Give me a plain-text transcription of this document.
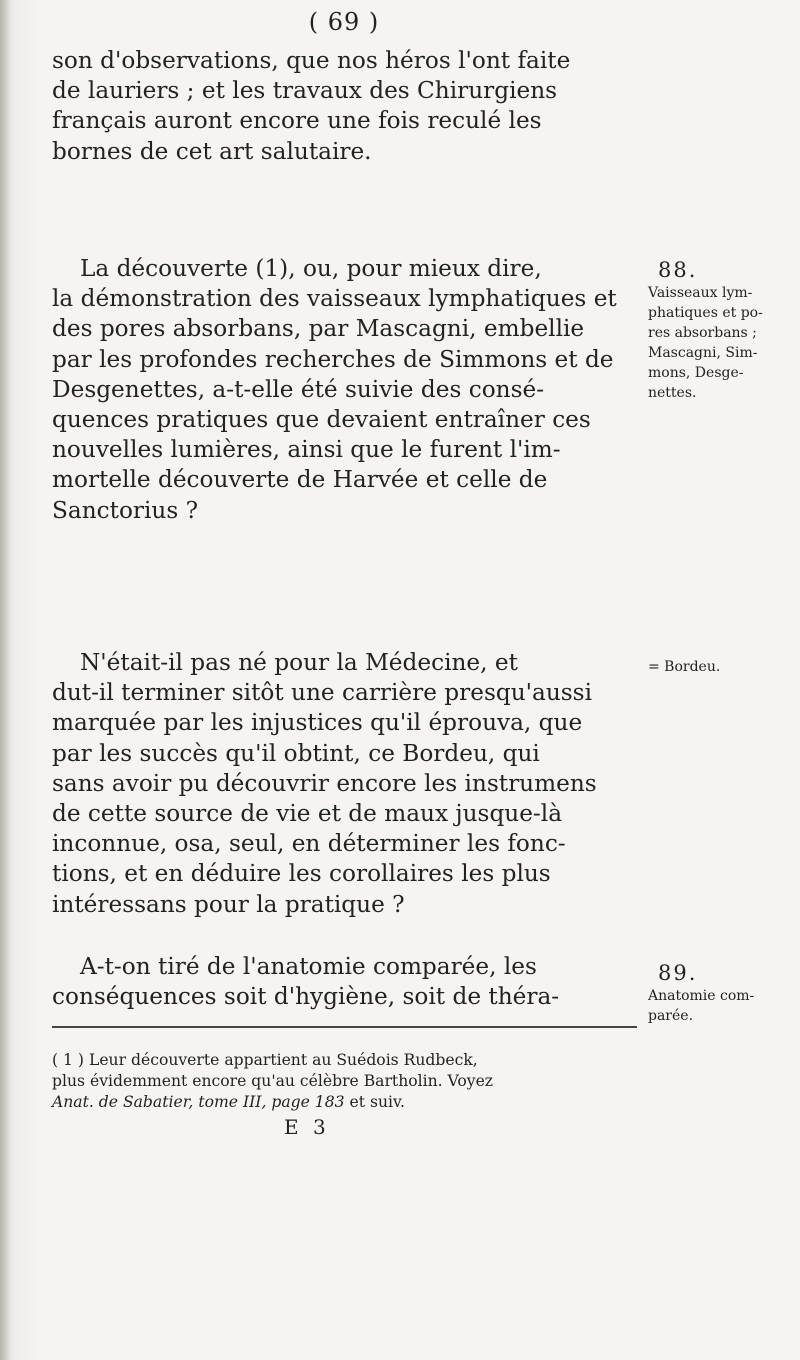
( 69 )

son d'observations, que nos héros l'ont faite
de lauriers ; et les travaux des Chirurgiens
français auront encore une fois reculé les
bornes de cet art salutaire.

La découverte (1), ou, pour mieux dire,
la démonstration des vaisseaux lymphatiques et
des pores absorbans, par Mascagni, embellie
par les profondes recherches de Simmons et de
Desgenettes, a-t-elle été suivie des consé-
quences pratiques que devaient entraîner ces
nouvelles lumières, ainsi que le furent l'im-
mortelle découverte de Harvée et celle de
Sanctorius ?

N'était-il pas né pour la Médecine, et
dut-il terminer sitôt une carrière presqu'aussi
marquée par les injustices qu'il éprouva, que
par les succès qu'il obtint, ce Bordeu, qui
sans avoir pu découvrir encore les instrumens
de cette source de vie et de maux jusque-là
inconnue, osa, seul, en déterminer les fonc-
tions, et en déduire les corollaires les plus
intéressans pour la pratique ?

A-t-on tiré de l'anatomie comparée, les
conséquences soit d'hygiène, soit de théra-

88.
Vaisseaux lym-
phatiques et po-
res absorbans ;
Mascagni, Sim-
mons, Desge-
nettes.
= Bordeu.
89.
Anatomie com-
parée.
( 1 ) Leur découverte appartient au Suédois Rudbeck,
plus évidemment encore qu'au célèbre Bartholin. Voyez
Anat. de Sabatier, tome III, page 183 et suiv.
E 3
